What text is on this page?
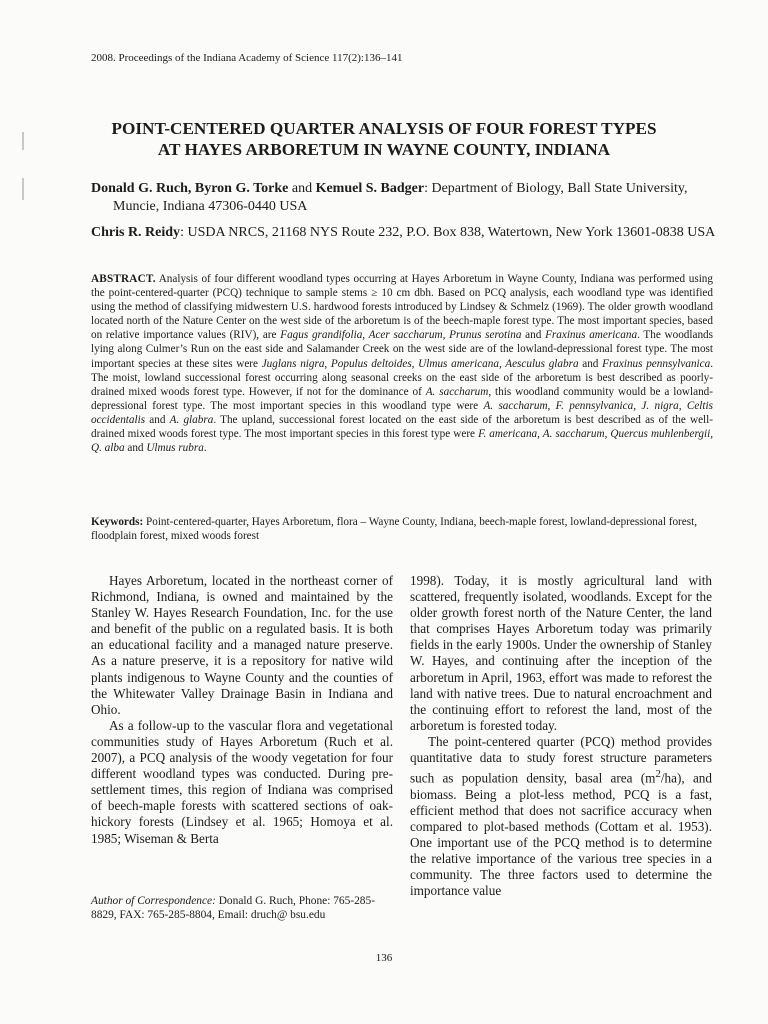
2008. Proceedings of the Indiana Academy of Science 117(2):136–141
POINT-CENTERED QUARTER ANALYSIS OF FOUR FOREST TYPES
AT HAYES ARBORETUM IN WAYNE COUNTY, INDIANA
Donald G. Ruch, Byron G. Torke and Kemuel S. Badger: Department of Biology, Ball State University, Muncie, Indiana 47306-0440 USA
Chris R. Reidy: USDA NRCS, 21168 NYS Route 232, P.O. Box 838, Watertown, New York 13601-0838 USA
ABSTRACT. Analysis of four different woodland types occurring at Hayes Arboretum in Wayne County, Indiana was performed using the point-centered-quarter (PCQ) technique to sample stems ≥ 10 cm dbh. Based on PCQ analysis, each woodland type was identified using the method of classifying midwestern U.S. hardwood forests introduced by Lindsey & Schmelz (1969). The older growth woodland located north of the Nature Center on the west side of the arboretum is of the beech-maple forest type. The most important species, based on relative importance values (RIV), are Fagus grandifolia, Acer saccharum, Prunus serotina and Fraxinus americana. The woodlands lying along Culmer’s Run on the east side and Salamander Creek on the west side are of the lowland-depressional forest type. The most important species at these sites were Juglans nigra, Populus deltoides, Ulmus americana, Aesculus glabra and Fraxinus pennsylvanica. The moist, lowland successional forest occurring along seasonal creeks on the east side of the arboretum is best described as poorly-drained mixed woods forest type. However, if not for the dominance of A. saccharum, this woodland community would be a lowland-depressional forest type. The most important species in this woodland type were A. saccharum, F. pennsylvanica, J. nigra, Celtis occidentalis and A. glabra. The upland, successional forest located on the east side of the arboretum is best described as of the well-drained mixed woods forest type. The most important species in this forest type were F. americana, A. saccharum, Quercus muhlenbergii, Q. alba and Ulmus rubra.
Keywords: Point-centered-quarter, Hayes Arboretum, flora – Wayne County, Indiana, beech-maple forest, lowland-depressional forest, floodplain forest, mixed woods forest

Hayes Arboretum, located in the northeast corner of Richmond, Indiana, is owned and maintained by the Stanley W. Hayes Research Foundation, Inc. for the use and benefit of the public on a regulated basis. It is both an educational facility and a managed nature preserve. As a nature preserve, it is a repository for native wild plants indigenous to Wayne County and the counties of the Whitewater Valley Drainage Basin in Indiana and Ohio.

As a follow-up to the vascular flora and vegetational communities study of Hayes Arboretum (Ruch et al. 2007), a PCQ analysis of the woody vegetation for four different woodland types was conducted. During pre-settlement times, this region of Indiana was comprised of beech-maple forests with scattered sections of oak-hickory forests (Lindsey et al. 1965; Homoya et al. 1985; Wiseman & Berta

Author of Correspondence: Donald G. Ruch, Phone: 765-285-8829, FAX: 765-285-8804, Email: druch@ bsu.edu

1998). Today, it is mostly agricultural land with scattered, frequently isolated, woodlands. Except for the older growth forest north of the Nature Center, the land that comprises Hayes Arboretum today was primarily fields in the early 1900s. Under the ownership of Stanley W. Hayes, and continuing after the inception of the arboretum in April, 1963, effort was made to reforest the land with native trees. Due to natural encroachment and the continuing effort to reforest the land, most of the arboretum is forested today.

The point-centered quarter (PCQ) method provides quantitative data to study forest structure parameters such as population density, basal area $(m^2/ha)$, and biomass. Being a plot-less method, PCQ is a fast, efficient method that does not sacrifice accuracy when compared to plot-based methods (Cottam et al. 1953). One important use of the PCQ method is to determine the relative importance of the various tree species in a community. The three factors used to determine the importance value

136
